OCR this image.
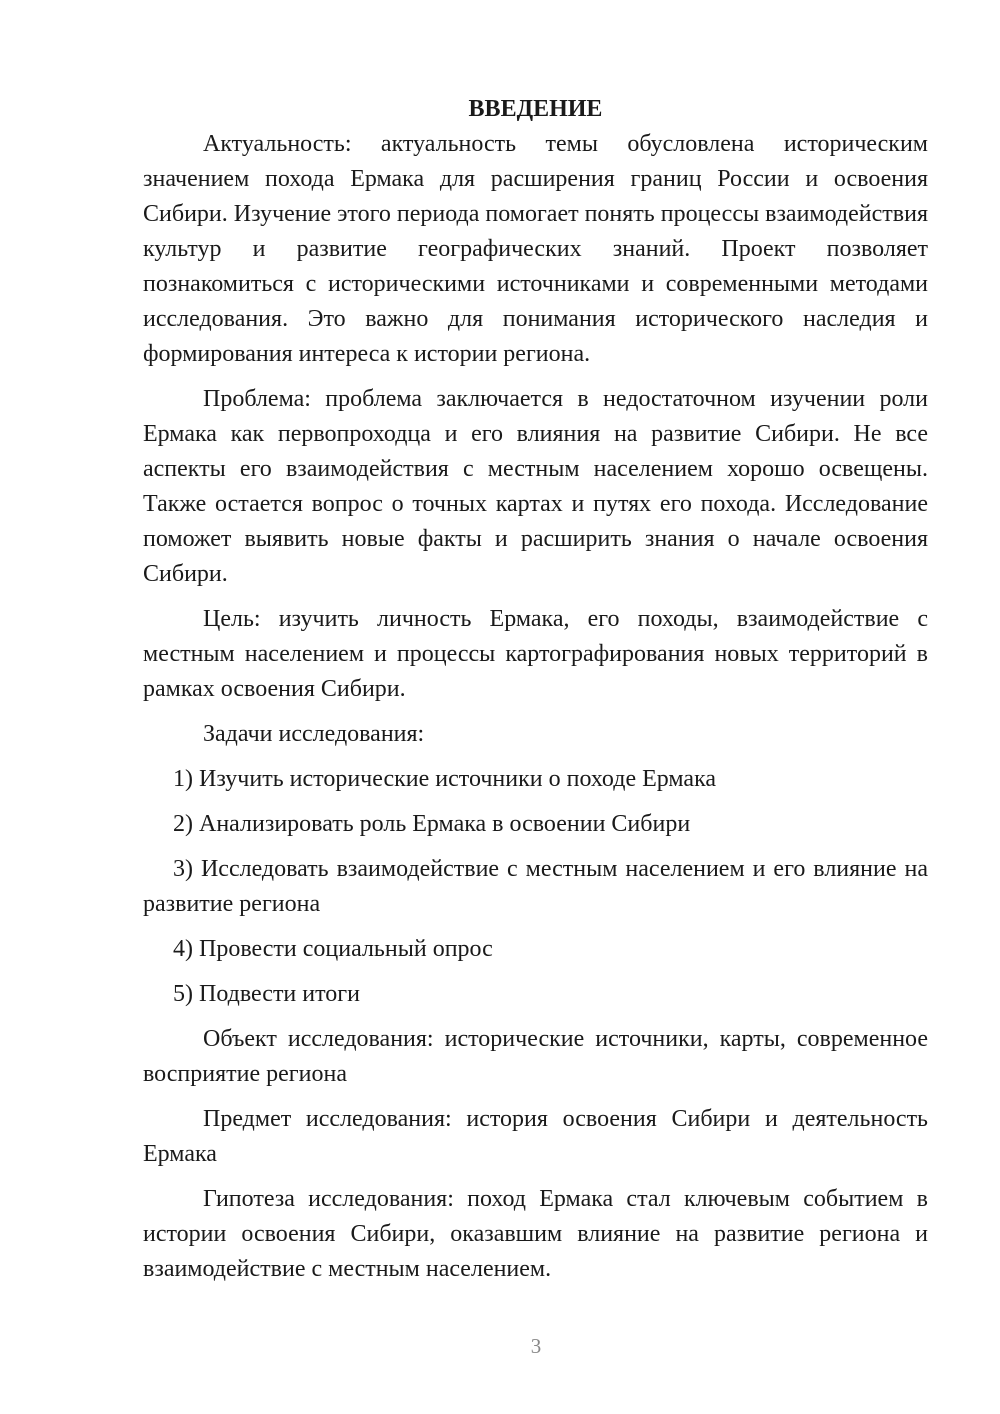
ВВЕДЕНИЕ

Актуальность: актуальность темы обусловлена историческим значением похода Ермака для расширения границ России и освоения Сибири. Изучение этого периода помогает понять процессы взаимодействия культур и развитие географических знаний. Проект позволяет познакомиться с историческими источниками и современными методами исследования. Это важно для понимания исторического наследия и формирования интереса к истории региона.

Проблема: проблема заключается в недостаточном изучении роли Ермака как первопроходца и его влияния на развитие Сибири. Не все аспекты его взаимодействия с местным населением хорошо освещены. Также остается вопрос о точных картах и путях его похода. Исследование поможет выявить новые факты и расширить знания о начале освоения Сибири.

Цель: изучить личность Ермака, его походы, взаимодействие с местным населением и процессы картографирования новых территорий в рамках освоения Сибири.

Задачи исследования:

1) Изучить исторические источники о походе Ермака

2) Анализировать роль Ермака в освоении Сибири

3) Исследовать взаимодействие с местным населением и его влияние на развитие региона

4) Провести социальный опрос

5) Подвести итоги

Объект исследования: исторические источники, карты, современное восприятие региона

Предмет исследования: история освоения Сибири и деятельность Ермака

Гипотеза исследования: поход Ермака стал ключевым событием в истории освоения Сибири, оказавшим влияние на развитие региона и взаимодействие с местным населением.

3
